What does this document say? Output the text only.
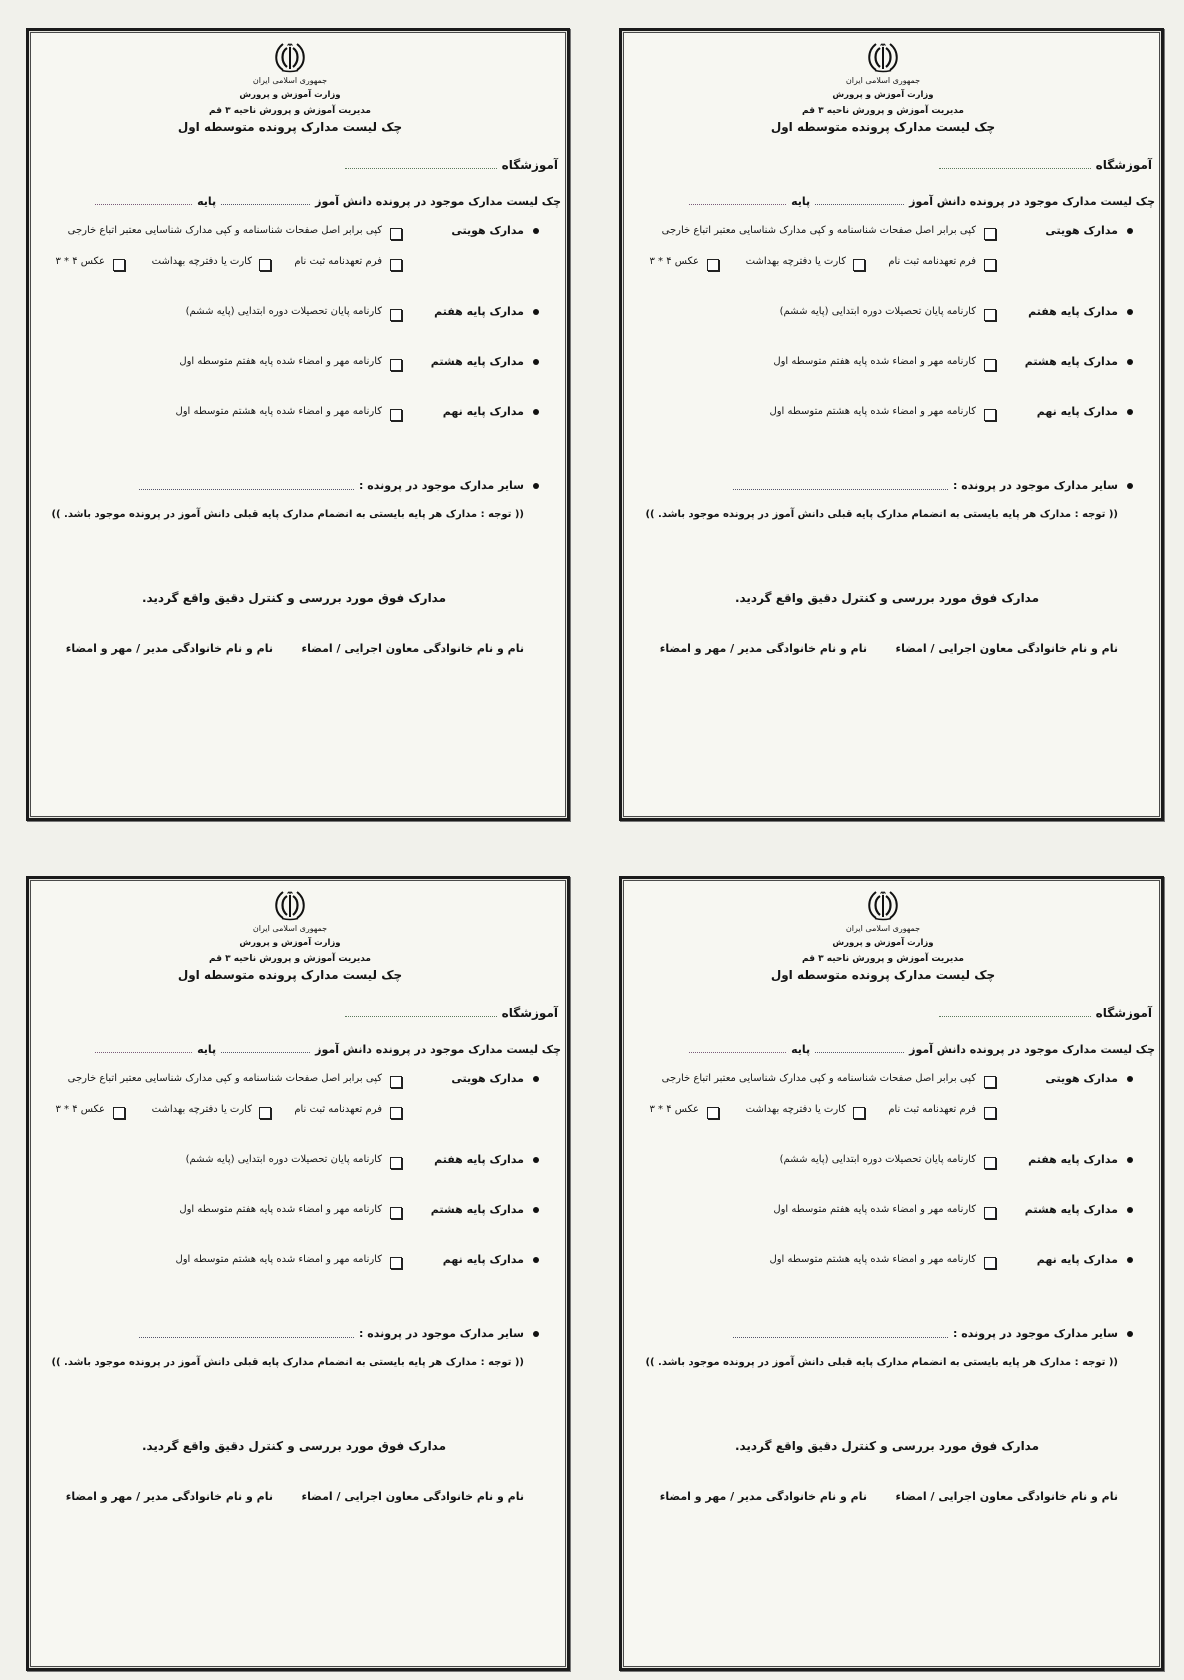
جمهوری اسلامی ایران
وزارت آموزش و پرورش
مدیریت آموزش و پرورش ناحیه ۳ قم
چک لیست مدارک پرونده متوسطه اول
آموزشگاه
چک لیست مدارک موجود در پرونده دانش آموز
پایه
مدارک هویتی
کپی برابر اصل صفحات شناسنامه و کپی مدارک شناسایی معتبر اتباع خارجی
فرم تعهدنامه ثبت نام
کارت یا دفترچه بهداشت
عکس ۴ * ۳
مدارک پایه هفتم
کارنامه پایان تحصیلات دوره ابتدایی (پایه ششم)
مدارک پایه هشتم
کارنامه مهر و امضاء شده پایه هفتم متوسطه اول
مدارک پایه نهم
کارنامه مهر و امضاء شده پایه هشتم متوسطه اول
سایر مدارک موجود در پرونده :
(( توجه : مدارک هر پایه بایستی به انضمام مدارک پایه قبلی دانش آموز در پرونده موجود باشد. ))
مدارک فوق مورد بررسی و کنترل دقیق واقع گردید.
نام و نام خانوادگی معاون اجرایی / امضاء
نام و نام خانوادگی مدیر / مهر و امضاء
جمهوری اسلامی ایران
وزارت آموزش و پرورش
مدیریت آموزش و پرورش ناحیه ۳ قم
چک لیست مدارک پرونده متوسطه اول
آموزشگاه
چک لیست مدارک موجود در پرونده دانش آموز
پایه
مدارک هویتی
کپی برابر اصل صفحات شناسنامه و کپی مدارک شناسایی معتبر اتباع خارجی
فرم تعهدنامه ثبت نام
کارت یا دفترچه بهداشت
عکس ۴ * ۳
مدارک پایه هفتم
کارنامه پایان تحصیلات دوره ابتدایی (پایه ششم)
مدارک پایه هشتم
کارنامه مهر و امضاء شده پایه هفتم متوسطه اول
مدارک پایه نهم
کارنامه مهر و امضاء شده پایه هشتم متوسطه اول
سایر مدارک موجود در پرونده :
(( توجه : مدارک هر پایه بایستی به انضمام مدارک پایه قبلی دانش آموز در پرونده موجود باشد. ))
مدارک فوق مورد بررسی و کنترل دقیق واقع گردید.
نام و نام خانوادگی معاون اجرایی / امضاء
نام و نام خانوادگی مدیر / مهر و امضاء
جمهوری اسلامی ایران
وزارت آموزش و پرورش
مدیریت آموزش و پرورش ناحیه ۳ قم
چک لیست مدارک پرونده متوسطه اول
آموزشگاه
چک لیست مدارک موجود در پرونده دانش آموز
پایه
مدارک هویتی
کپی برابر اصل صفحات شناسنامه و کپی مدارک شناسایی معتبر اتباع خارجی
فرم تعهدنامه ثبت نام
کارت یا دفترچه بهداشت
عکس ۴ * ۳
مدارک پایه هفتم
کارنامه پایان تحصیلات دوره ابتدایی (پایه ششم)
مدارک پایه هشتم
کارنامه مهر و امضاء شده پایه هفتم متوسطه اول
مدارک پایه نهم
کارنامه مهر و امضاء شده پایه هشتم متوسطه اول
سایر مدارک موجود در پرونده :
(( توجه : مدارک هر پایه بایستی به انضمام مدارک پایه قبلی دانش آموز در پرونده موجود باشد. ))
مدارک فوق مورد بررسی و کنترل دقیق واقع گردید.
نام و نام خانوادگی معاون اجرایی / امضاء
نام و نام خانوادگی مدیر / مهر و امضاء
جمهوری اسلامی ایران
وزارت آموزش و پرورش
مدیریت آموزش و پرورش ناحیه ۳ قم
چک لیست مدارک پرونده متوسطه اول
آموزشگاه
چک لیست مدارک موجود در پرونده دانش آموز
پایه
مدارک هویتی
کپی برابر اصل صفحات شناسنامه و کپی مدارک شناسایی معتبر اتباع خارجی
فرم تعهدنامه ثبت نام
کارت یا دفترچه بهداشت
عکس ۴ * ۳
مدارک پایه هفتم
کارنامه پایان تحصیلات دوره ابتدایی (پایه ششم)
مدارک پایه هشتم
کارنامه مهر و امضاء شده پایه هفتم متوسطه اول
مدارک پایه نهم
کارنامه مهر و امضاء شده پایه هشتم متوسطه اول
سایر مدارک موجود در پرونده :
(( توجه : مدارک هر پایه بایستی به انضمام مدارک پایه قبلی دانش آموز در پرونده موجود باشد. ))
مدارک فوق مورد بررسی و کنترل دقیق واقع گردید.
نام و نام خانوادگی معاون اجرایی / امضاء
نام و نام خانوادگی مدیر / مهر و امضاء
